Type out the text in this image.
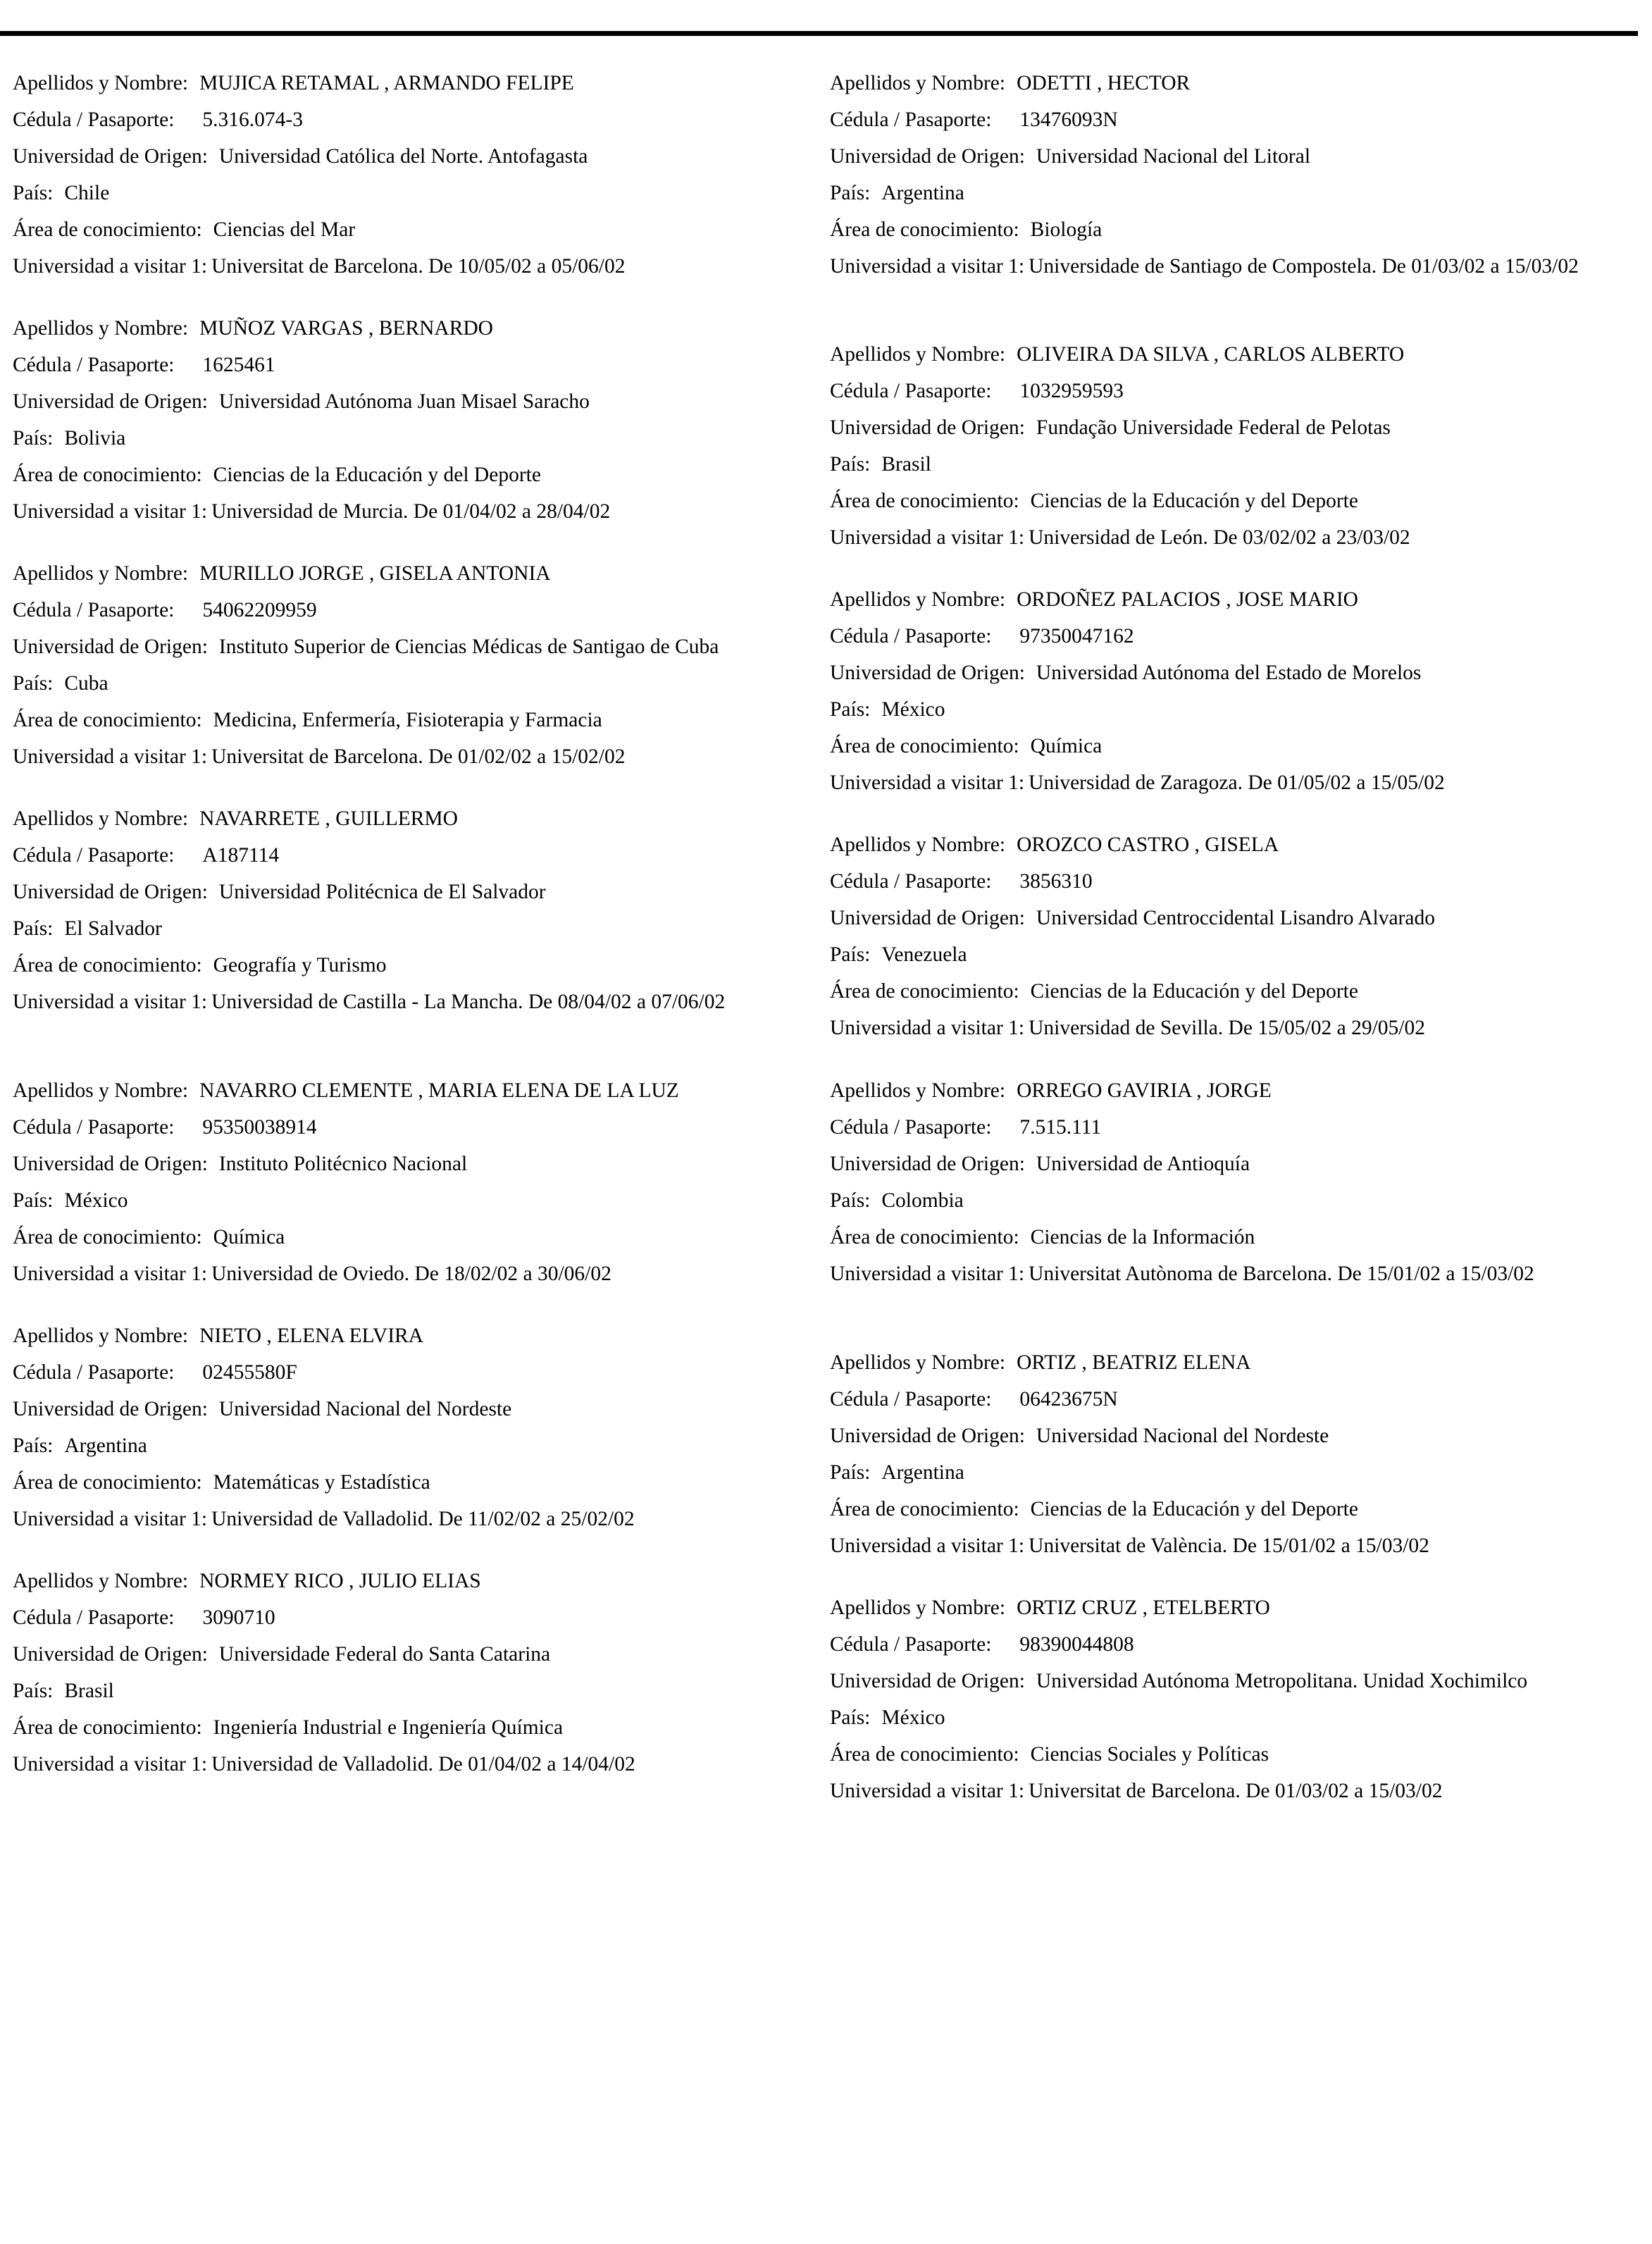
Apellidos y Nombre: MUJICA RETAMAL , ARMANDO FELIPE
Cédula / Pasaporte: 5.316.074-3
Universidad de Origen: Universidad Católica del Norte. Antofagasta
País: Chile
Área de conocimiento: Ciencias del Mar
Universidad a visitar 1: Universitat de Barcelona. De 10/05/02 a 05/06/02
Apellidos y Nombre: MUÑOZ VARGAS , BERNARDO
Cédula / Pasaporte: 1625461
Universidad de Origen: Universidad Autónoma Juan Misael Saracho
País: Bolivia
Área de conocimiento: Ciencias de la Educación y del Deporte
Universidad a visitar 1: Universidad de Murcia. De 01/04/02 a 28/04/02
Apellidos y Nombre: MURILLO JORGE , GISELA ANTONIA
Cédula / Pasaporte: 54062209959
Universidad de Origen: Instituto Superior de Ciencias Médicas de Santigao de Cuba
País: Cuba
Área de conocimiento: Medicina, Enfermería, Fisioterapia y Farmacia
Universidad a visitar 1: Universitat de Barcelona. De 01/02/02 a 15/02/02
Apellidos y Nombre: NAVARRETE , GUILLERMO
Cédula / Pasaporte: A187114
Universidad de Origen: Universidad Politécnica de El Salvador
País: El Salvador
Área de conocimiento: Geografía y Turismo
Universidad a visitar 1: Universidad de Castilla - La Mancha. De 08/04/02 a 07/06/02
Apellidos y Nombre: NAVARRO CLEMENTE , MARIA ELENA DE LA LUZ
Cédula / Pasaporte: 95350038914
Universidad de Origen: Instituto Politécnico Nacional
País: México
Área de conocimiento: Química
Universidad a visitar 1: Universidad de Oviedo. De 18/02/02 a 30/06/02
Apellidos y Nombre: NIETO , ELENA ELVIRA
Cédula / Pasaporte: 02455580F
Universidad de Origen: Universidad Nacional del Nordeste
País: Argentina
Área de conocimiento: Matemáticas y Estadística
Universidad a visitar 1: Universidad de Valladolid. De 11/02/02 a 25/02/02
Apellidos y Nombre: NORMEY RICO , JULIO ELIAS
Cédula / Pasaporte: 3090710
Universidad de Origen: Universidade Federal do Santa Catarina
País: Brasil
Área de conocimiento: Ingeniería Industrial e Ingeniería Química
Universidad a visitar 1: Universidad de Valladolid. De 01/04/02 a 14/04/02
Apellidos y Nombre: ODETTI , HECTOR
Cédula / Pasaporte: 13476093N
Universidad de Origen: Universidad Nacional del Litoral
País: Argentina
Área de conocimiento: Biología
Universidad a visitar 1: Universidade de Santiago de Compostela. De 01/03/02 a 15/03/02
Apellidos y Nombre: OLIVEIRA DA SILVA , CARLOS ALBERTO
Cédula / Pasaporte: 1032959593
Universidad de Origen: Fundação Universidade Federal de Pelotas
País: Brasil
Área de conocimiento: Ciencias de la Educación y del Deporte
Universidad a visitar 1: Universidad de León. De 03/02/02 a 23/03/02
Apellidos y Nombre: ORDOÑEZ PALACIOS , JOSE MARIO
Cédula / Pasaporte: 97350047162
Universidad de Origen: Universidad Autónoma del Estado de Morelos
País: México
Área de conocimiento: Química
Universidad a visitar 1: Universidad de Zaragoza. De 01/05/02 a 15/05/02
Apellidos y Nombre: OROZCO CASTRO , GISELA
Cédula / Pasaporte: 3856310
Universidad de Origen: Universidad Centroccidental Lisandro Alvarado
País: Venezuela
Área de conocimiento: Ciencias de la Educación y del Deporte
Universidad a visitar 1: Universidad de Sevilla. De 15/05/02 a 29/05/02
Apellidos y Nombre: ORREGO GAVIRIA , JORGE
Cédula / Pasaporte: 7.515.111
Universidad de Origen: Universidad de Antioquía
País: Colombia
Área de conocimiento: Ciencias de la Información
Universidad a visitar 1: Universitat Autònoma de Barcelona. De 15/01/02 a 15/03/02
Apellidos y Nombre: ORTIZ , BEATRIZ ELENA
Cédula / Pasaporte: 06423675N
Universidad de Origen: Universidad Nacional del Nordeste
País: Argentina
Área de conocimiento: Ciencias de la Educación y del Deporte
Universidad a visitar 1: Universitat de València. De 15/01/02 a 15/03/02
Apellidos y Nombre: ORTIZ CRUZ , ETELBERTO
Cédula / Pasaporte: 98390044808
Universidad de Origen: Universidad Autónoma Metropolitana. Unidad Xochimilco
País: México
Área de conocimiento: Ciencias Sociales y Políticas
Universidad a visitar 1: Universitat de Barcelona. De 01/03/02 a 15/03/02
